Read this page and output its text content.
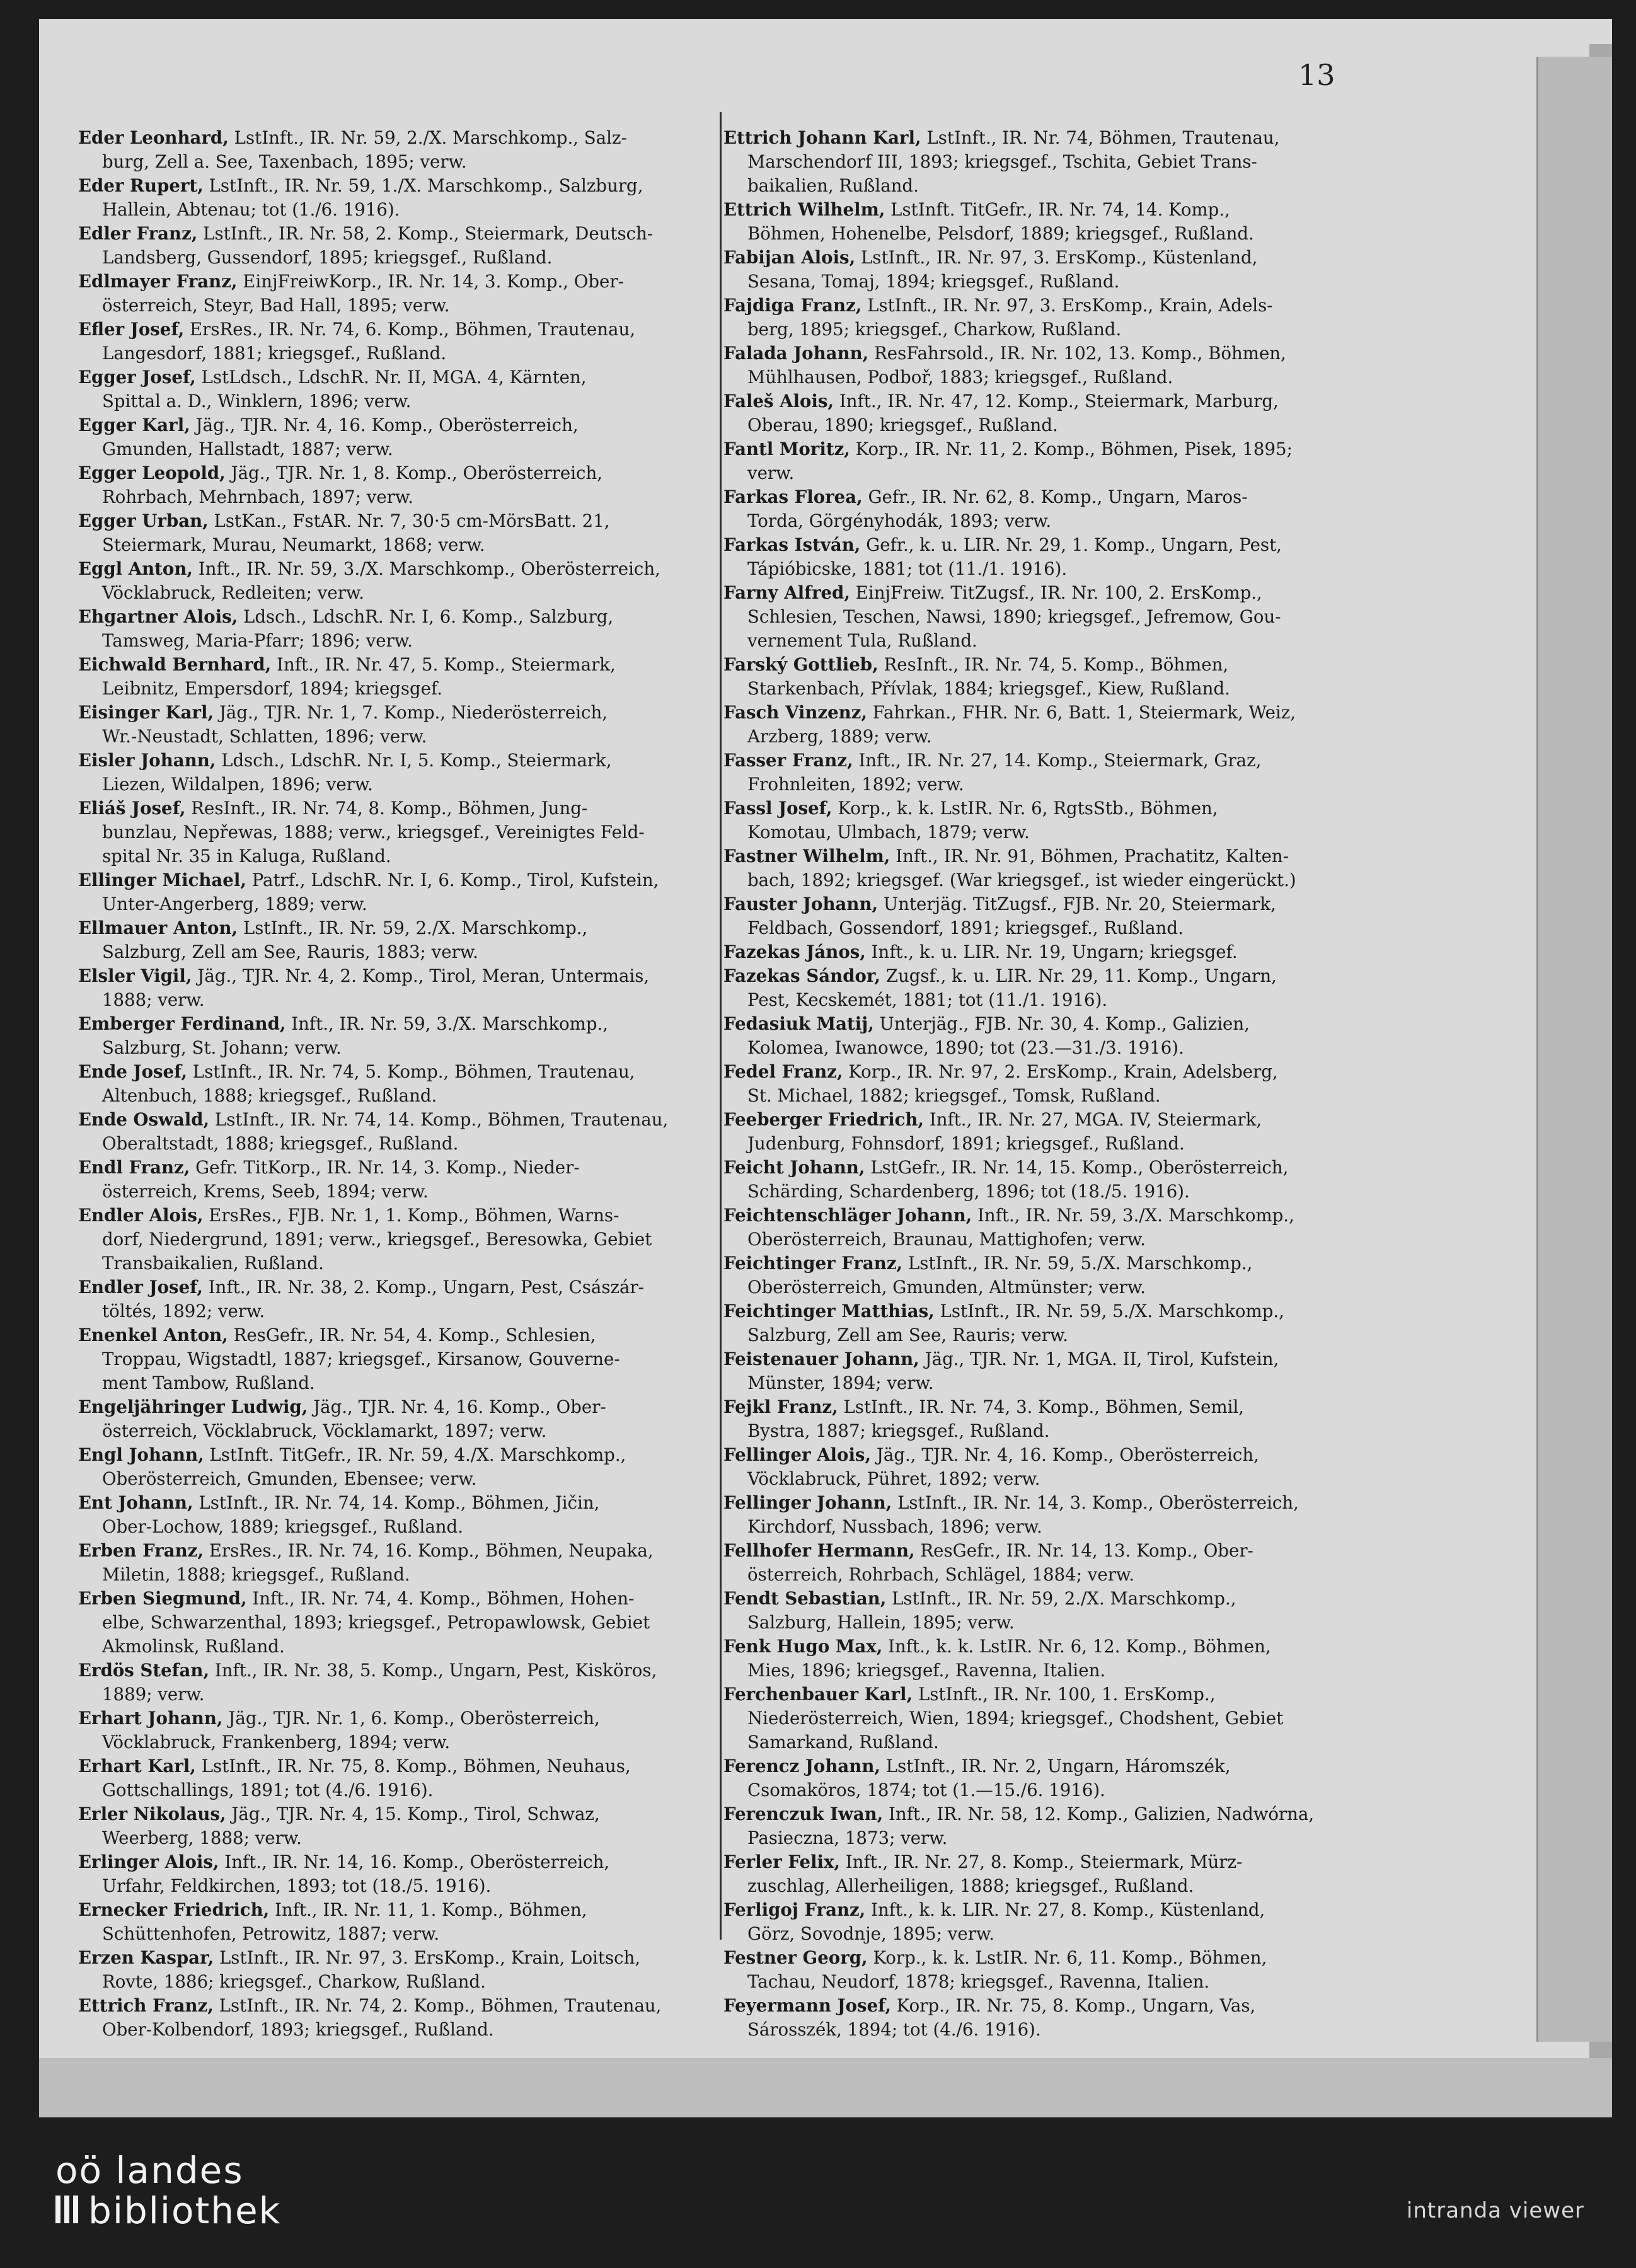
13
Eder Leonhard, LstInft., IR. Nr. 59, 2./X. Marschkomp., Salz-
burg, Zell a. See, Taxenbach, 1895; verw.
Eder Rupert, LstInft., IR. Nr. 59, 1./X. Marschkomp., Salzburg,
Hallein, Abtenau; tot (1./6. 1916).
Edler Franz, LstInft., IR. Nr. 58, 2. Komp., Steiermark, Deutsch-
Landsberg, Gussendorf, 1895; kriegsgef., Rußland.
Edlmayer Franz, EinjFreiwKorp., IR. Nr. 14, 3. Komp., Ober-
österreich, Steyr, Bad Hall, 1895; verw.
Efler Josef, ErsRes., IR. Nr. 74, 6. Komp., Böhmen, Trautenau,
Langesdorf, 1881; kriegsgef., Rußland.
Egger Josef, LstLdsch., LdschR. Nr. II, MGA. 4, Kärnten,
Spittal a. D., Winklern, 1896; verw.
Egger Karl, Jäg., TJR. Nr. 4, 16. Komp., Oberösterreich,
Gmunden, Hallstadt, 1887; verw.
Egger Leopold, Jäg., TJR. Nr. 1, 8. Komp., Oberösterreich,
Rohrbach, Mehrnbach, 1897; verw.
Egger Urban, LstKan., FstAR. Nr. 7, 30·5 cm-MörsBatt. 21,
Steiermark, Murau, Neumarkt, 1868; verw.
Eggl Anton, Inft., IR. Nr. 59, 3./X. Marschkomp., Oberösterreich,
Vöcklabruck, Redleiten; verw.
Ehgartner Alois, Ldsch., LdschR. Nr. I, 6. Komp., Salzburg,
Tamsweg, Maria-Pfarr; 1896; verw.
Eichwald Bernhard, Inft., IR. Nr. 47, 5. Komp., Steiermark,
Leibnitz, Empersdorf, 1894; kriegsgef.
Eisinger Karl, Jäg., TJR. Nr. 1, 7. Komp., Niederösterreich,
Wr.-Neustadt, Schlatten, 1896; verw.
Eisler Johann, Ldsch., LdschR. Nr. I, 5. Komp., Steiermark,
Liezen, Wildalpen, 1896; verw.
Eliáš Josef, ResInft., IR. Nr. 74, 8. Komp., Böhmen, Jung-
bunzlau, Nepřewas, 1888; verw., kriegsgef., Vereinigtes Feld-
spital Nr. 35 in Kaluga, Rußland.
Ellinger Michael, Patrf., LdschR. Nr. I, 6. Komp., Tirol, Kufstein,
Unter-Angerberg, 1889; verw.
Ellmauer Anton, LstInft., IR. Nr. 59, 2./X. Marschkomp.,
Salzburg, Zell am See, Rauris, 1883; verw.
Elsler Vigil, Jäg., TJR. Nr. 4, 2. Komp., Tirol, Meran, Untermais,
1888; verw.
Emberger Ferdinand, Inft., IR. Nr. 59, 3./X. Marschkomp.,
Salzburg, St. Johann; verw.
Ende Josef, LstInft., IR. Nr. 74, 5. Komp., Böhmen, Trautenau,
Altenbuch, 1888; kriegsgef., Rußland.
Ende Oswald, LstInft., IR. Nr. 74, 14. Komp., Böhmen, Trautenau,
Oberaltstadt, 1888; kriegsgef., Rußland.
Endl Franz, Gefr. TitKorp., IR. Nr. 14, 3. Komp., Nieder-
österreich, Krems, Seeb, 1894; verw.
Endler Alois, ErsRes., FJB. Nr. 1, 1. Komp., Böhmen, Warns-
dorf, Niedergrund, 1891; verw., kriegsgef., Beresowka, Gebiet
Transbaikalien, Rußland.
Endler Josef, Inft., IR. Nr. 38, 2. Komp., Ungarn, Pest, Császár-
töltés, 1892; verw.
Enenkel Anton, ResGefr., IR. Nr. 54, 4. Komp., Schlesien,
Troppau, Wigstadtl, 1887; kriegsgef., Kirsanow, Gouverne-
ment Tambow, Rußland.
Engeljähringer Ludwig, Jäg., TJR. Nr. 4, 16. Komp., Ober-
österreich, Vöcklabruck, Vöcklamarkt, 1897; verw.
Engl Johann, LstInft. TitGefr., IR. Nr. 59, 4./X. Marschkomp.,
Oberösterreich, Gmunden, Ebensee; verw.
Ent Johann, LstInft., IR. Nr. 74, 14. Komp., Böhmen, Jičin,
Ober-Lochow, 1889; kriegsgef., Rußland.
Erben Franz, ErsRes., IR. Nr. 74, 16. Komp., Böhmen, Neupaka,
Miletin, 1888; kriegsgef., Rußland.
Erben Siegmund, Inft., IR. Nr. 74, 4. Komp., Böhmen, Hohen-
elbe, Schwarzenthal, 1893; kriegsgef., Petropawlowsk, Gebiet
Akmolinsk, Rußland.
Erdös Stefan, Inft., IR. Nr. 38, 5. Komp., Ungarn, Pest, Kisköros,
1889; verw.
Erhart Johann, Jäg., TJR. Nr. 1, 6. Komp., Oberösterreich,
Vöcklabruck, Frankenberg, 1894; verw.
Erhart Karl, LstInft., IR. Nr. 75, 8. Komp., Böhmen, Neuhaus,
Gottschallings, 1891; tot (4./6. 1916).
Erler Nikolaus, Jäg., TJR. Nr. 4, 15. Komp., Tirol, Schwaz,
Weerberg, 1888; verw.
Erlinger Alois, Inft., IR. Nr. 14, 16. Komp., Oberösterreich,
Urfahr, Feldkirchen, 1893; tot (18./5. 1916).
Ernecker Friedrich, Inft., IR. Nr. 11, 1. Komp., Böhmen,
Schüttenhofen, Petrowitz, 1887; verw.
Erzen Kaspar, LstInft., IR. Nr. 97, 3. ErsKomp., Krain, Loitsch,
Rovte, 1886; kriegsgef., Charkow, Rußland.
Ettrich Franz, LstInft., IR. Nr. 74, 2. Komp., Böhmen, Trautenau,
Ober-Kolbendorf, 1893; kriegsgef., Rußland.
Ettrich Johann Karl, LstInft., IR. Nr. 74, Böhmen, Trautenau,
Marschendorf III, 1893; kriegsgef., Tschita, Gebiet Trans-
baikalien, Rußland.
Ettrich Wilhelm, LstInft. TitGefr., IR. Nr. 74, 14. Komp.,
Böhmen, Hohenelbe, Pelsdorf, 1889; kriegsgef., Rußland.
Fabijan Alois, LstInft., IR. Nr. 97, 3. ErsKomp., Küstenland,
Sesana, Tomaj, 1894; kriegsgef., Rußland.
Fajdiga Franz, LstInft., IR. Nr. 97, 3. ErsKomp., Krain, Adels-
berg, 1895; kriegsgef., Charkow, Rußland.
Falada Johann, ResFahrsold., IR. Nr. 102, 13. Komp., Böhmen,
Mühlhausen, Podboř, 1883; kriegsgef., Rußland.
Faleš Alois, Inft., IR. Nr. 47, 12. Komp., Steiermark, Marburg,
Oberau, 1890; kriegsgef., Rußland.
Fantl Moritz, Korp., IR. Nr. 11, 2. Komp., Böhmen, Pisek, 1895;
verw.
Farkas Florea, Gefr., IR. Nr. 62, 8. Komp., Ungarn, Maros-
Torda, Görgényhodák, 1893; verw.
Farkas István, Gefr., k. u. LIR. Nr. 29, 1. Komp., Ungarn, Pest,
Tápióbicske, 1881; tot (11./1. 1916).
Farny Alfred, EinjFreiw. TitZugsf., IR. Nr. 100, 2. ErsKomp.,
Schlesien, Teschen, Nawsi, 1890; kriegsgef., Jefremow, Gou-
vernement Tula, Rußland.
Farský Gottlieb, ResInft., IR. Nr. 74, 5. Komp., Böhmen,
Starkenbach, Přívlak, 1884; kriegsgef., Kiew, Rußland.
Fasch Vinzenz, Fahrkan., FHR. Nr. 6, Batt. 1, Steiermark, Weiz,
Arzberg, 1889; verw.
Fasser Franz, Inft., IR. Nr. 27, 14. Komp., Steiermark, Graz,
Frohnleiten, 1892; verw.
Fassl Josef, Korp., k. k. LstIR. Nr. 6, RgtsStb., Böhmen,
Komotau, Ulmbach, 1879; verw.
Fastner Wilhelm, Inft., IR. Nr. 91, Böhmen, Prachatitz, Kalten-
bach, 1892; kriegsgef. (War kriegsgef., ist wieder eingerückt.)
Fauster Johann, Unterjäg. TitZugsf., FJB. Nr. 20, Steiermark,
Feldbach, Gossendorf, 1891; kriegsgef., Rußland.
Fazekas János, Inft., k. u. LIR. Nr. 19, Ungarn; kriegsgef.
Fazekas Sándor, Zugsf., k. u. LIR. Nr. 29, 11. Komp., Ungarn,
Pest, Kecskemét, 1881; tot (11./1. 1916).
Fedasiuk Matij, Unterjäg., FJB. Nr. 30, 4. Komp., Galizien,
Kolomea, Iwanowce, 1890; tot (23.—31./3. 1916).
Fedel Franz, Korp., IR. Nr. 97, 2. ErsKomp., Krain, Adelsberg,
St. Michael, 1882; kriegsgef., Tomsk, Rußland.
Feeberger Friedrich, Inft., IR. Nr. 27, MGA. IV, Steiermark,
Judenburg, Fohnsdorf, 1891; kriegsgef., Rußland.
Feicht Johann, LstGefr., IR. Nr. 14, 15. Komp., Oberösterreich,
Schärding, Schardenberg, 1896; tot (18./5. 1916).
Feichtenschläger Johann, Inft., IR. Nr. 59, 3./X. Marschkomp.,
Oberösterreich, Braunau, Mattighofen; verw.
Feichtinger Franz, LstInft., IR. Nr. 59, 5./X. Marschkomp.,
Oberösterreich, Gmunden, Altmünster; verw.
Feichtinger Matthias, LstInft., IR. Nr. 59, 5./X. Marschkomp.,
Salzburg, Zell am See, Rauris; verw.
Feistenauer Johann, Jäg., TJR. Nr. 1, MGA. II, Tirol, Kufstein,
Münster, 1894; verw.
Fejkl Franz, LstInft., IR. Nr. 74, 3. Komp., Böhmen, Semil,
Bystra, 1887; kriegsgef., Rußland.
Fellinger Alois, Jäg., TJR. Nr. 4, 16. Komp., Oberösterreich,
Vöcklabruck, Pühret, 1892; verw.
Fellinger Johann, LstInft., IR. Nr. 14, 3. Komp., Oberösterreich,
Kirchdorf, Nussbach, 1896; verw.
Fellhofer Hermann, ResGefr., IR. Nr. 14, 13. Komp., Ober-
österreich, Rohrbach, Schlägel, 1884; verw.
Fendt Sebastian, LstInft., IR. Nr. 59, 2./X. Marschkomp.,
Salzburg, Hallein, 1895; verw.
Fenk Hugo Max, Inft., k. k. LstIR. Nr. 6, 12. Komp., Böhmen,
Mies, 1896; kriegsgef., Ravenna, Italien.
Ferchenbauer Karl, LstInft., IR. Nr. 100, 1. ErsKomp.,
Niederösterreich, Wien, 1894; kriegsgef., Chodshent, Gebiet
Samarkand, Rußland.
Ferencz Johann, LstInft., IR. Nr. 2, Ungarn, Háromszék,
Csomaköros, 1874; tot (1.—15./6. 1916).
Ferenczuk Iwan, Inft., IR. Nr. 58, 12. Komp., Galizien, Nadwórna,
Pasieczna, 1873; verw.
Ferler Felix, Inft., IR. Nr. 27, 8. Komp., Steiermark, Mürz-
zuschlag, Allerheiligen, 1888; kriegsgef., Rußland.
Ferligoj Franz, Inft., k. k. LIR. Nr. 27, 8. Komp., Küstenland,
Görz, Sovodnje, 1895; verw.
Festner Georg, Korp., k. k. LstIR. Nr. 6, 11. Komp., Böhmen,
Tachau, Neudorf, 1878; kriegsgef., Ravenna, Italien.
Feyermann Josef, Korp., IR. Nr. 75, 8. Komp., Ungarn, Vas,
Sárosszék, 1894; tot (4./6. 1916).
oö landes
bibliothek	intranda viewer
